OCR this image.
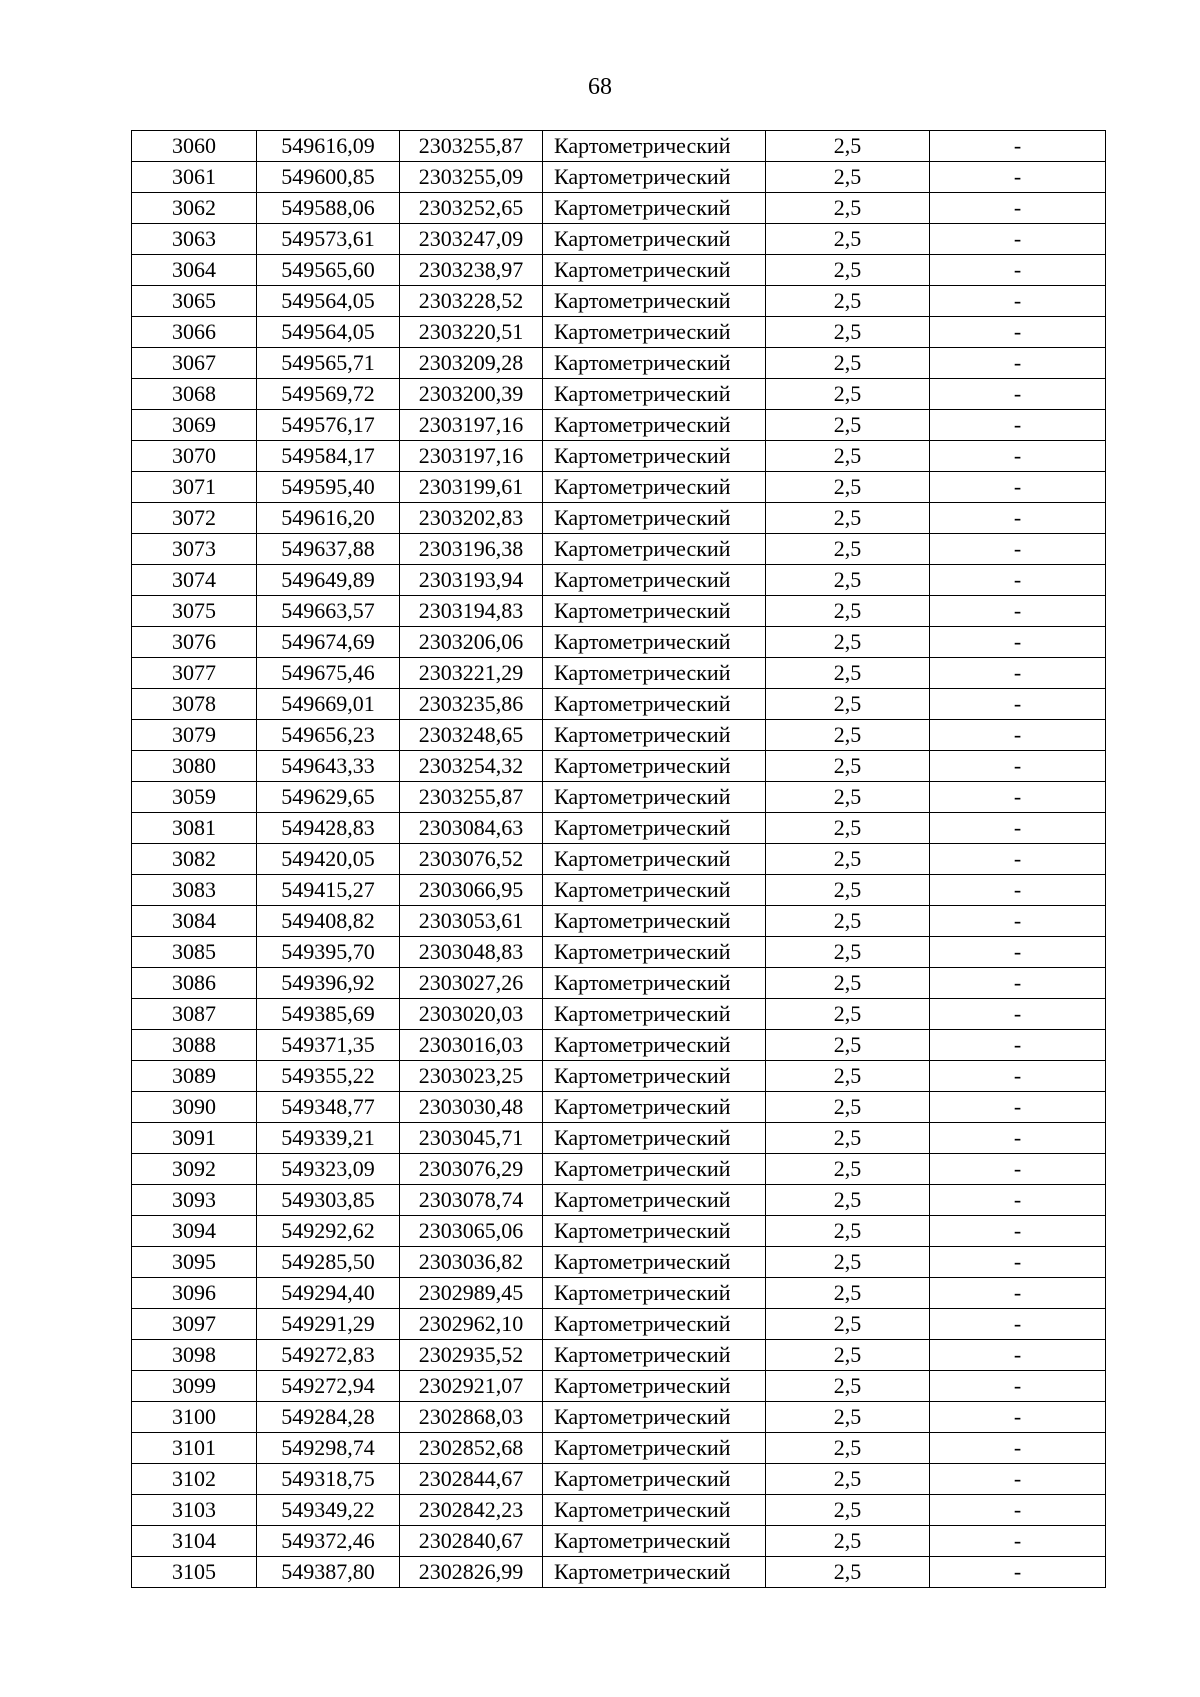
68
3060	549616,09	2303255,87	Картометрический	2,5	-
3061	549600,85	2303255,09	Картометрический	2,5	-
3062	549588,06	2303252,65	Картометрический	2,5	-
3063	549573,61	2303247,09	Картометрический	2,5	-
3064	549565,60	2303238,97	Картометрический	2,5	-
3065	549564,05	2303228,52	Картометрический	2,5	-
3066	549564,05	2303220,51	Картометрический	2,5	-
3067	549565,71	2303209,28	Картометрический	2,5	-
3068	549569,72	2303200,39	Картометрический	2,5	-
3069	549576,17	2303197,16	Картометрический	2,5	-
3070	549584,17	2303197,16	Картометрический	2,5	-
3071	549595,40	2303199,61	Картометрический	2,5	-
3072	549616,20	2303202,83	Картометрический	2,5	-
3073	549637,88	2303196,38	Картометрический	2,5	-
3074	549649,89	2303193,94	Картометрический	2,5	-
3075	549663,57	2303194,83	Картометрический	2,5	-
3076	549674,69	2303206,06	Картометрический	2,5	-
3077	549675,46	2303221,29	Картометрический	2,5	-
3078	549669,01	2303235,86	Картометрический	2,5	-
3079	549656,23	2303248,65	Картометрический	2,5	-
3080	549643,33	2303254,32	Картометрический	2,5	-
3059	549629,65	2303255,87	Картометрический	2,5	-
3081	549428,83	2303084,63	Картометрический	2,5	-
3082	549420,05	2303076,52	Картометрический	2,5	-
3083	549415,27	2303066,95	Картометрический	2,5	-
3084	549408,82	2303053,61	Картометрический	2,5	-
3085	549395,70	2303048,83	Картометрический	2,5	-
3086	549396,92	2303027,26	Картометрический	2,5	-
3087	549385,69	2303020,03	Картометрический	2,5	-
3088	549371,35	2303016,03	Картометрический	2,5	-
3089	549355,22	2303023,25	Картометрический	2,5	-
3090	549348,77	2303030,48	Картометрический	2,5	-
3091	549339,21	2303045,71	Картометрический	2,5	-
3092	549323,09	2303076,29	Картометрический	2,5	-
3093	549303,85	2303078,74	Картометрический	2,5	-
3094	549292,62	2303065,06	Картометрический	2,5	-
3095	549285,50	2303036,82	Картометрический	2,5	-
3096	549294,40	2302989,45	Картометрический	2,5	-
3097	549291,29	2302962,10	Картометрический	2,5	-
3098	549272,83	2302935,52	Картометрический	2,5	-
3099	549272,94	2302921,07	Картометрический	2,5	-
3100	549284,28	2302868,03	Картометрический	2,5	-
3101	549298,74	2302852,68	Картометрический	2,5	-
3102	549318,75	2302844,67	Картометрический	2,5	-
3103	549349,22	2302842,23	Картометрический	2,5	-
3104	549372,46	2302840,67	Картометрический	2,5	-
3105	549387,80	2302826,99	Картометрический	2,5	-
